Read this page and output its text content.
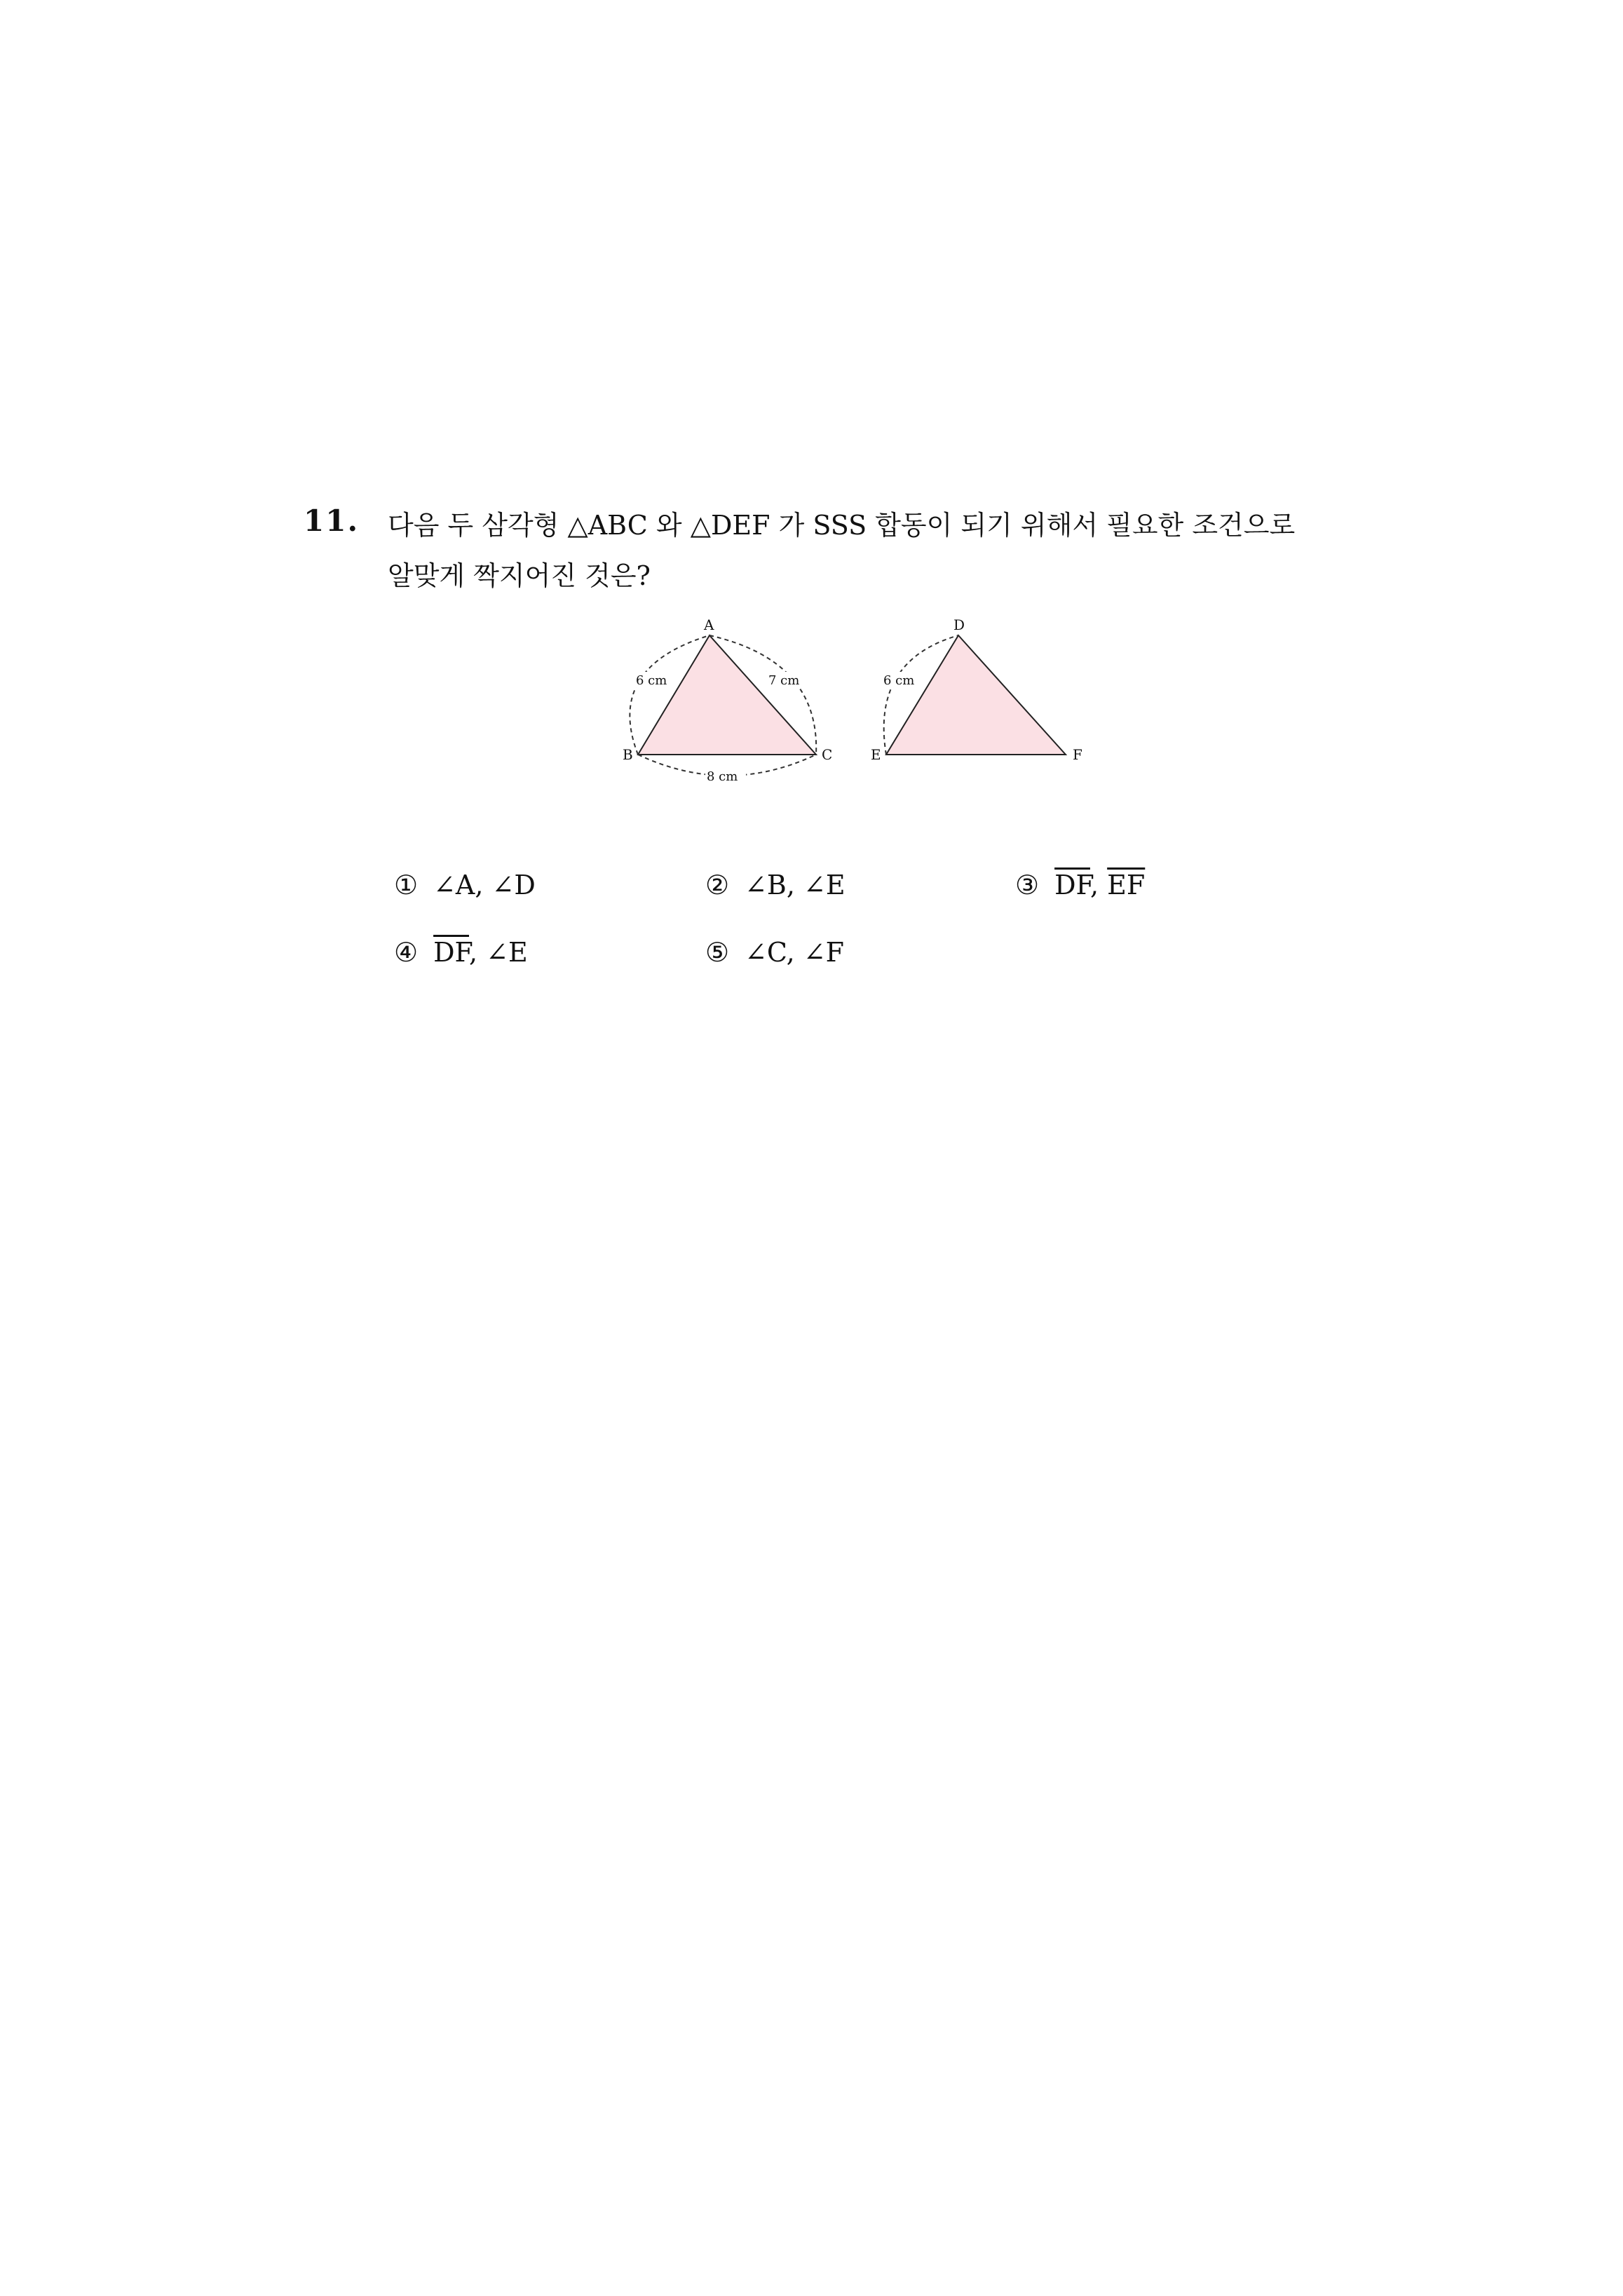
11. 다음 두 삼각형 △ABC 와 △DEF 가 SSS 합동이 되기 위해서 필요한 조건으로
알맞게 짝지어진 것은?
A
B	C
6 cm	7 cm
8 cm
D
E	F
6 cm
① ∠A, ∠D	② ∠B, ∠E	③ $\overline{DF}$, $\overline{EF}$
④ $\overline{DF}$, ∠E	⑤ ∠C, ∠F
